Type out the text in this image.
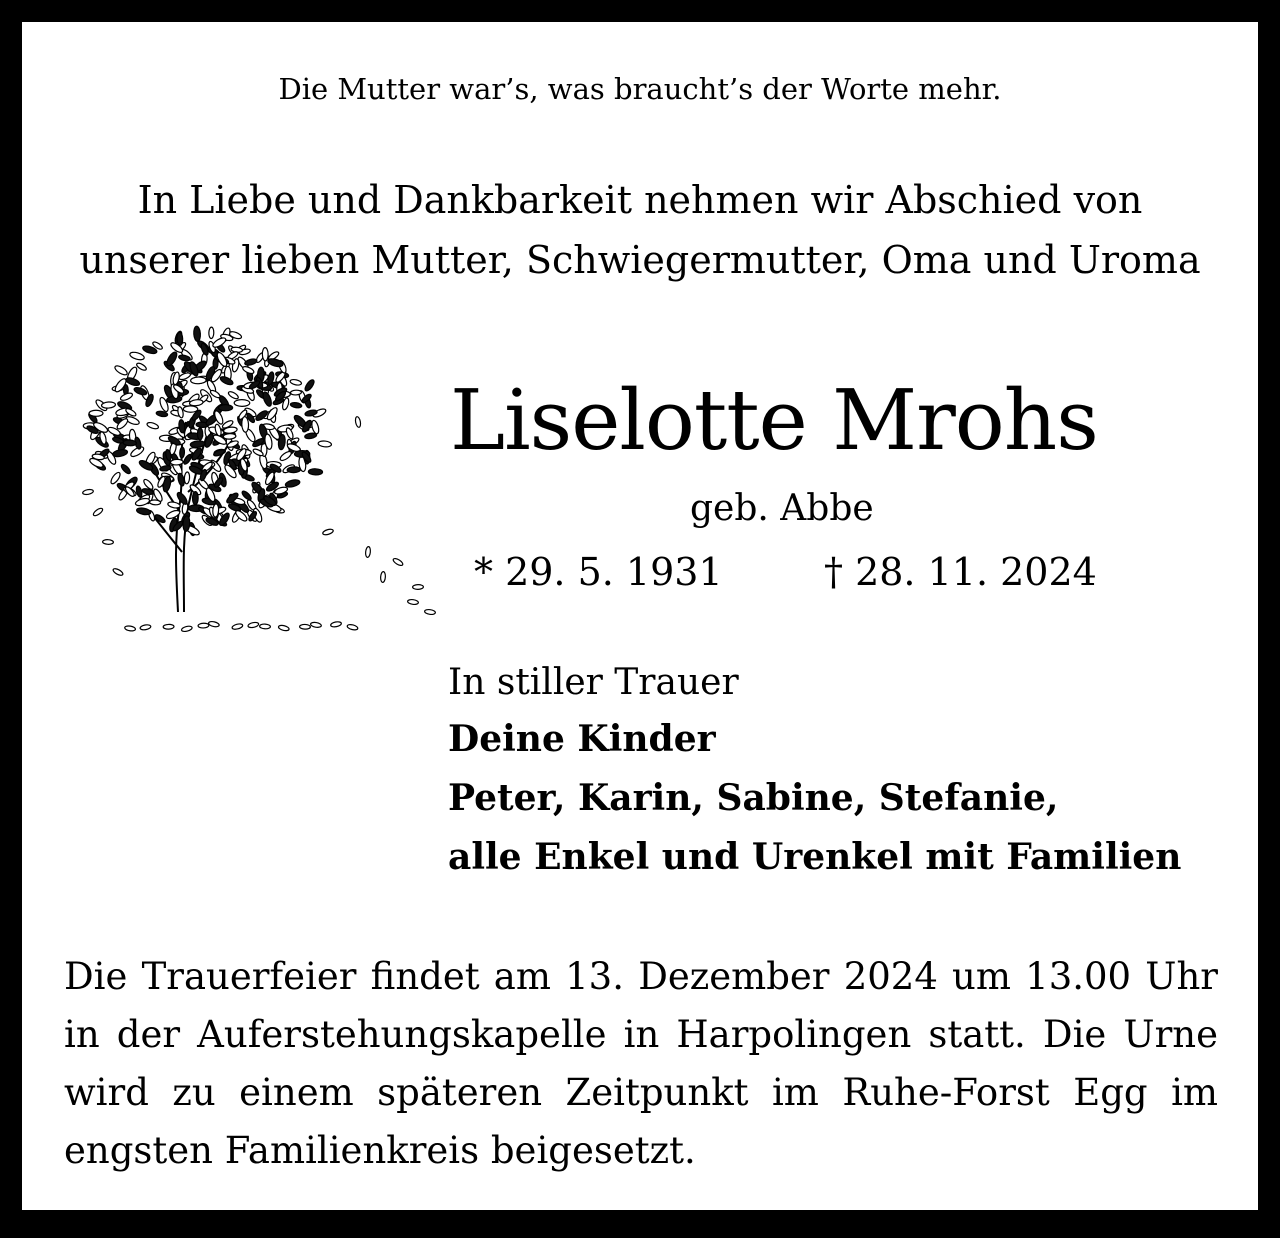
Die Mutter war’s, was braucht’s der Worte mehr.
In Liebe und Dankbarkeit nehmen wir Abschied von
unserer lieben Mutter, Schwiegermutter, Oma und Uroma
Liselotte Mrohs
geb. Abbe
* 29. 5. 1931	† 28. 11. 2024
In stiller Trauer
Deine Kinder
Peter, Karin, Sabine, Stefanie,
alle Enkel und Urenkel mit Familien
Die Trauerfeier findet am 13. Dezember 2024 um 13.00 Uhr in der Auferstehungskapelle in Harpolingen statt. Die Urne wird zu einem späteren Zeitpunkt im Ruhe-Forst Egg im engsten Familienkreis beigesetzt.
